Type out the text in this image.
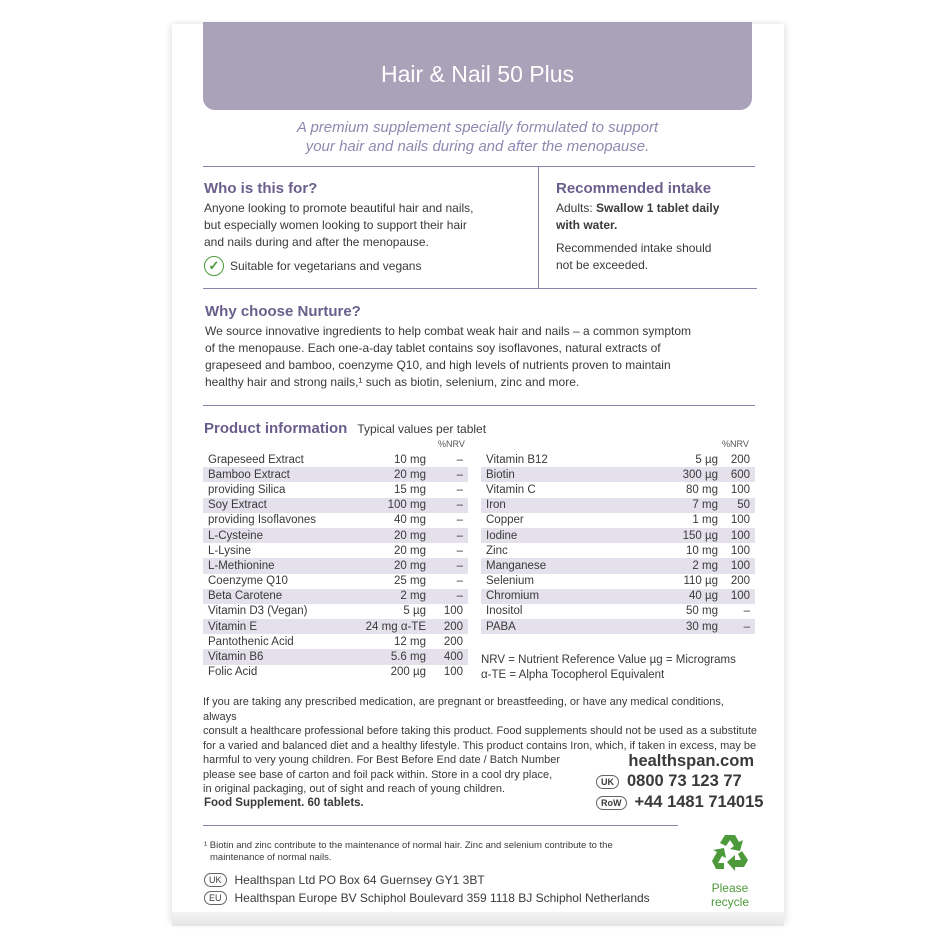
Hair & Nail 50 Plus
A premium supplement specially formulated to support
your hair and nails during and after the menopause.
Who is this for?
Anyone looking to promote beautiful hair and nails,
but especially women looking to support their hair
and nails during and after the menopause.
✓ Suitable for vegetarians and vegans
Recommended intake
Adults: Swallow 1 tablet daily
with water.
Recommended intake should
not be exceeded.
Why choose Nurture?
We source innovative ingredients to help combat weak hair and nails – a common symptom
of the menopause. Each one-a-day tablet contains soy isoflavones, natural extracts of
grapeseed and bamboo, coenzyme Q10, and high levels of nutrients proven to maintain
healthy hair and strong nails,¹ such as biotin, selenium, zinc and more.
Product information Typical values per tablet
%NRV	%NRV
Grapeseed Extract	10 mg	–
Bamboo Extract	20 mg	–
providing Silica	15 mg	–
Soy Extract	100 mg	–
providing Isoflavones	40 mg	–
L-Cysteine	20 mg	–
L-Lysine	20 mg	–
L-Methionine	20 mg	–
Coenzyme Q10	25 mg	–
Beta Carotene	2 mg	–
Vitamin D3 (Vegan)	5 µg	100
Vitamin E	24 mg α-TE	200
Pantothenic Acid	12 mg	200
Vitamin B6	5.6 mg	400
Folic Acid	200 µg	100
Vitamin B12	5 µg	200
Biotin	300 µg	600
Vitamin C	80 mg	100
Iron	7 mg	50
Copper	1 mg	100
Iodine	150 µg	100
Zinc	10 mg	100
Manganese	2 mg	100
Selenium	110 µg	200
Chromium	40 µg	100
Inositol	50 mg	–
PABA	30 mg	–
NRV = Nutrient Reference Value µg = Micrograms
α-TE = Alpha Tocopherol Equivalent
If you are taking any prescribed medication, are pregnant or breastfeeding, or have any medical conditions, always
consult a healthcare professional before taking this product. Food supplements should not be used as a substitute
for a varied and balanced diet and a healthy lifestyle. This product contains Iron, which, if taken in excess, may be
harmful to very young children. For Best Before End date / Batch Number
please see base of carton and foil pack within. Store in a cool dry place,
in original packaging, out of sight and reach of young children.
healthspan.com
UK 0800 73 123 77
RoW +44 1481 714015
Food Supplement. 60 tablets.
¹ Biotin and zinc contribute to the maintenance of normal hair. Zinc and selenium contribute to the
maintenance of normal nails.
UK	Healthspan Ltd PO Box 64 Guernsey GY1 3BT
EU	Healthspan Europe BV Schiphol Boulevard 359 1118 BJ Schiphol Netherlands
Please
recycle
